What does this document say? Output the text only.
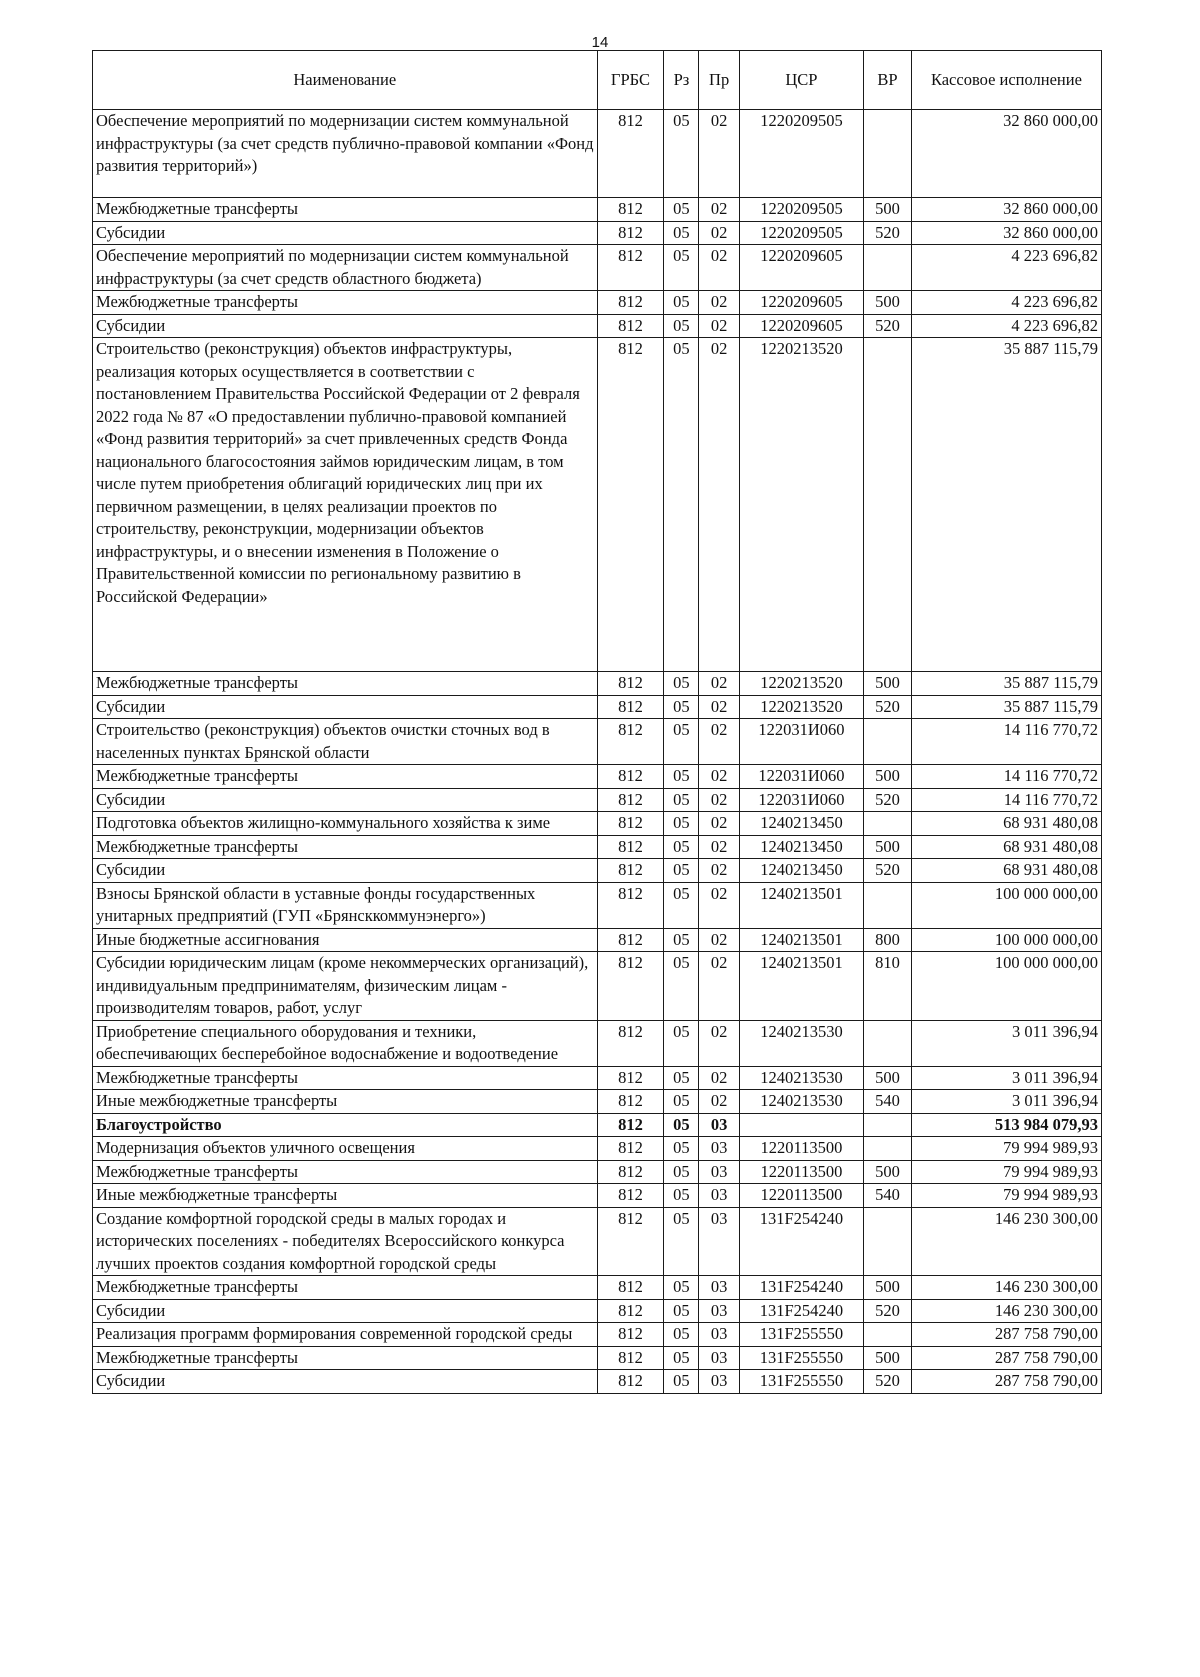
14
Наименование	ГРБС	Рз	Пр	ЦСР	ВР	Кассовое исполнение
Обеспечение мероприятий по модернизации систем коммунальной инфраструктуры (за счет средств публично-правовой компании «Фонд развития территорий»)	812	05	02	1220209505		32 860 000,00
Межбюджетные трансферты	812	05	02	1220209505	500	32 860 000,00
Субсидии	812	05	02	1220209505	520	32 860 000,00
Обеспечение мероприятий по модернизации систем коммунальной инфраструктуры (за счет средств областного бюджета)	812	05	02	1220209605		4 223 696,82
Межбюджетные трансферты	812	05	02	1220209605	500	4 223 696,82
Субсидии	812	05	02	1220209605	520	4 223 696,82
Строительство (реконструкция) объектов инфраструктуры, реализация которых осуществляется в соответствии с постановлением Правительства Российской Федерации от 2 февраля 2022 года № 87 «О предоставлении публично-правовой компанией «Фонд развития территорий» за счет привлеченных средств Фонда национального благосостояния займов юридическим лицам, в том числе путем приобретения облигаций юридических лиц при их первичном размещении, в целях реализации проектов по строительству, реконструкции, модернизации объектов инфраструктуры, и о внесении изменения в Положение о Правительственной комиссии по региональному развитию в Российской Федерации»	812	05	02	1220213520		35 887 115,79
Межбюджетные трансферты	812	05	02	1220213520	500	35 887 115,79
Субсидии	812	05	02	1220213520	520	35 887 115,79
Строительство (реконструкция) объектов очистки сточных вод в населенных пунктах Брянской области	812	05	02	122031И060		14 116 770,72
Межбюджетные трансферты	812	05	02	122031И060	500	14 116 770,72
Субсидии	812	05	02	122031И060	520	14 116 770,72
Подготовка объектов жилищно-коммунального хозяйства к зиме	812	05	02	1240213450		68 931 480,08
Межбюджетные трансферты	812	05	02	1240213450	500	68 931 480,08
Субсидии	812	05	02	1240213450	520	68 931 480,08
Взносы Брянской области в уставные фонды государственных унитарных предприятий (ГУП «Брянсккоммунэнерго»)	812	05	02	1240213501		100 000 000,00
Иные бюджетные ассигнования	812	05	02	1240213501	800	100 000 000,00
Субсидии юридическим лицам (кроме некоммерческих организаций), индивидуальным предпринимателям, физическим лицам - производителям товаров, работ, услуг	812	05	02	1240213501	810	100 000 000,00
Приобретение специального оборудования и техники, обеспечивающих бесперебойное водоснабжение и водоотведение	812	05	02	1240213530		3 011 396,94
Межбюджетные трансферты	812	05	02	1240213530	500	3 011 396,94
Иные межбюджетные трансферты	812	05	02	1240213530	540	3 011 396,94
Благоустройство	812	05	03			513 984 079,93
Модернизация объектов уличного освещения	812	05	03	1220113500		79 994 989,93
Межбюджетные трансферты	812	05	03	1220113500	500	79 994 989,93
Иные межбюджетные трансферты	812	05	03	1220113500	540	79 994 989,93
Создание комфортной городской среды в малых городах и исторических поселениях - победителях Всероссийского конкурса лучших проектов создания комфортной городской среды	812	05	03	131F254240		146 230 300,00
Межбюджетные трансферты	812	05	03	131F254240	500	146 230 300,00
Субсидии	812	05	03	131F254240	520	146 230 300,00
Реализация программ формирования современной городской среды	812	05	03	131F255550		287 758 790,00
Межбюджетные трансферты	812	05	03	131F255550	500	287 758 790,00
Субсидии	812	05	03	131F255550	520	287 758 790,00
